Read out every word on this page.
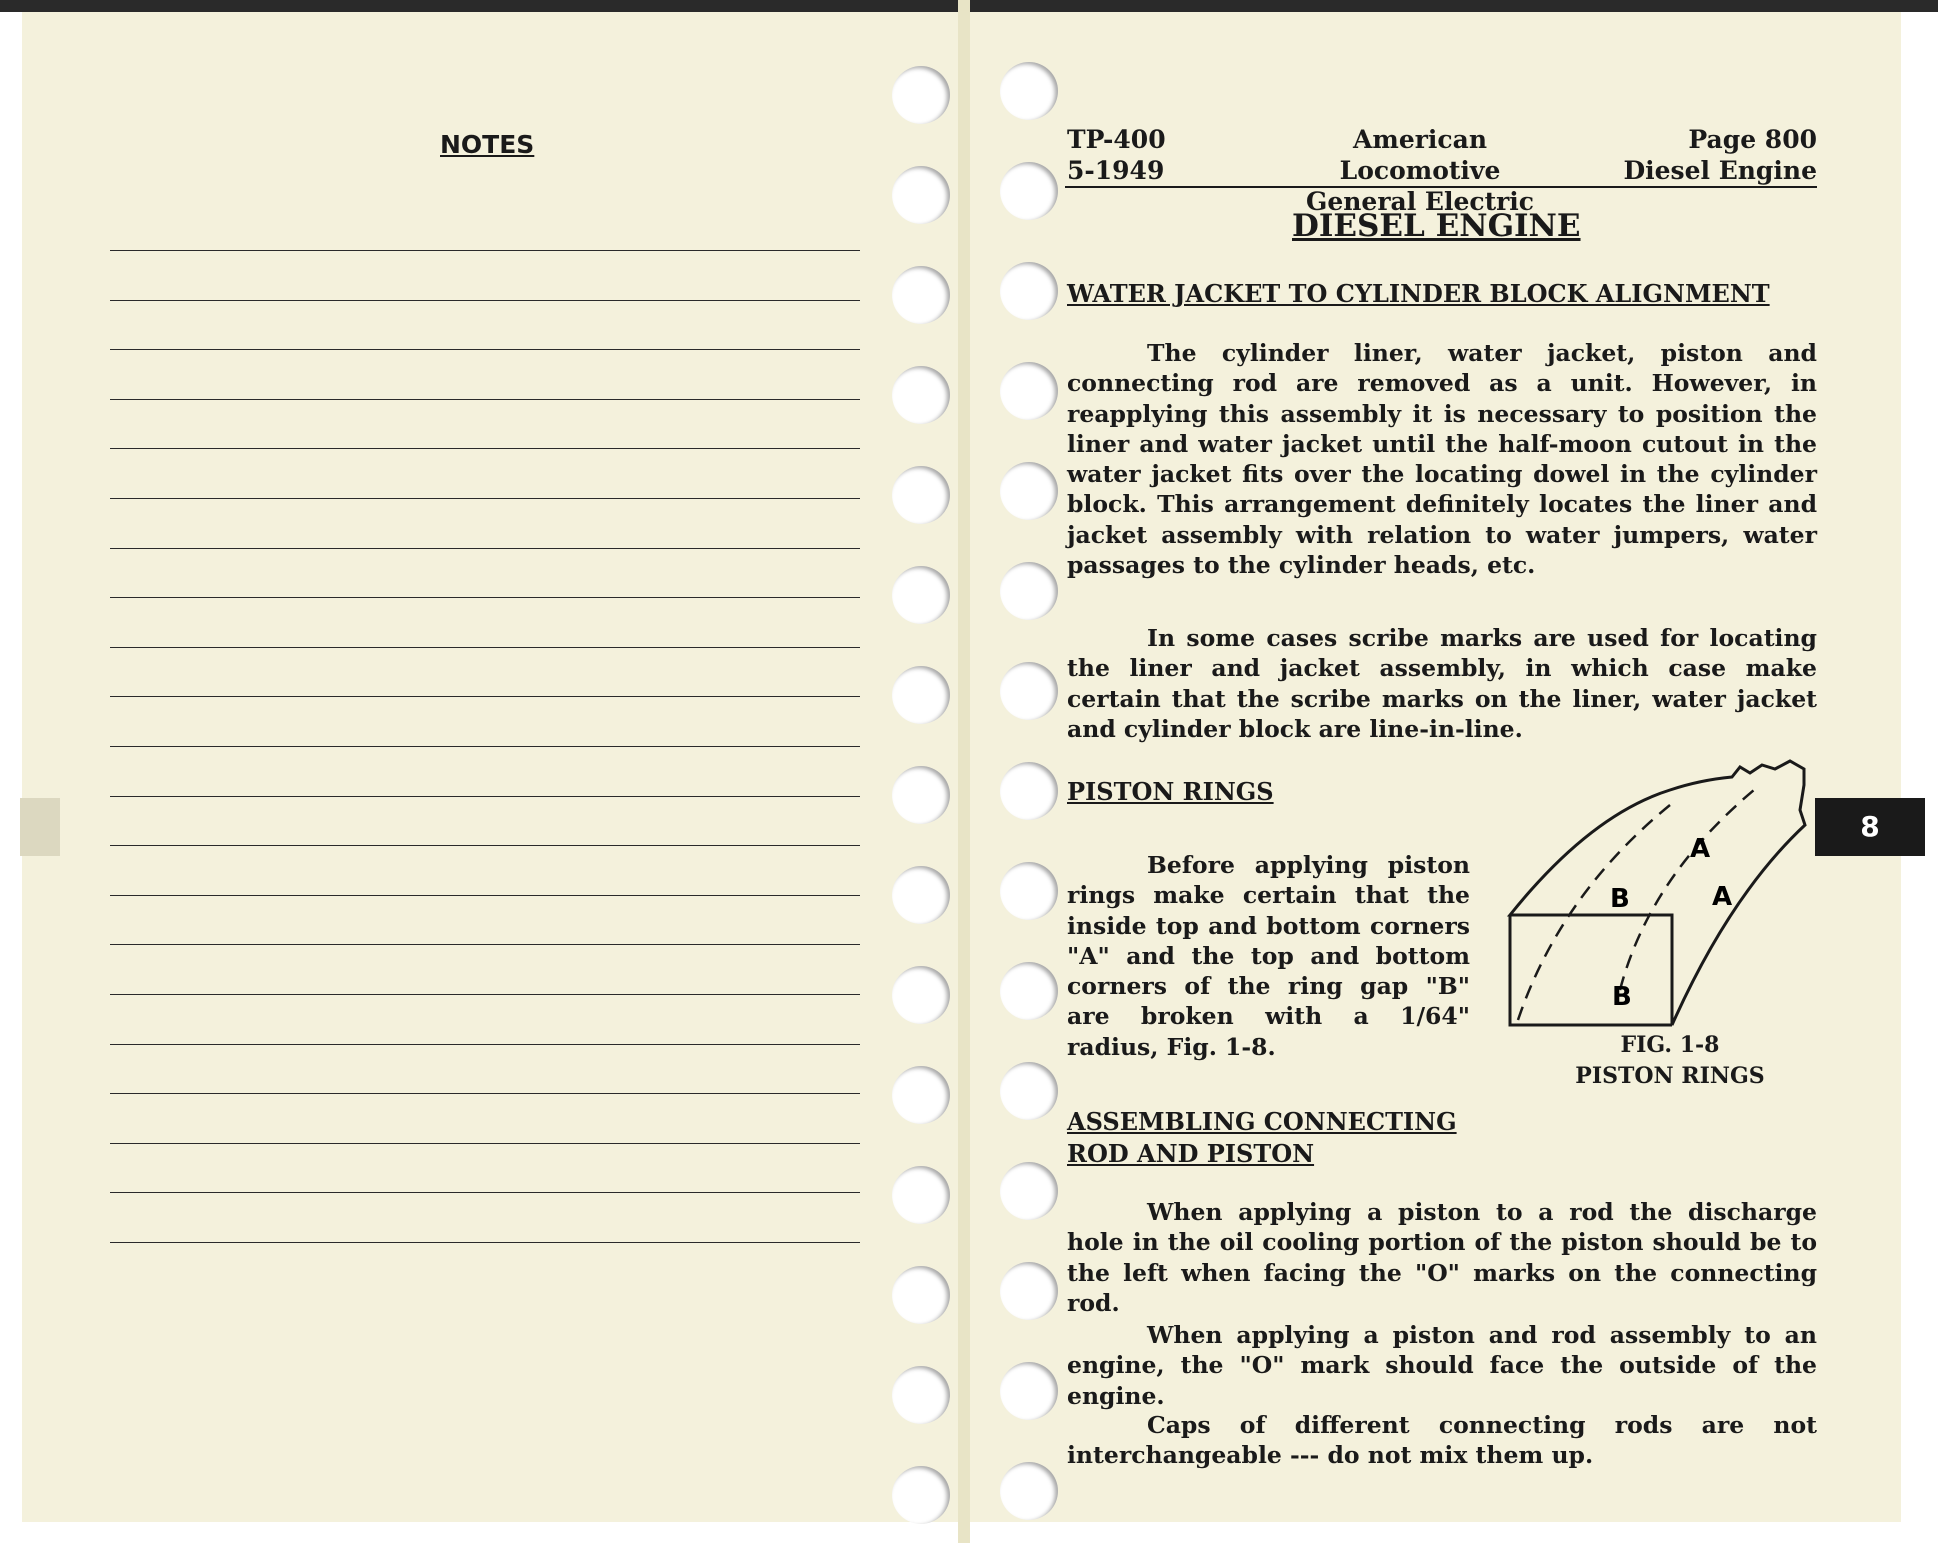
NOTES	TP-400
5-1949
American Locomotive
General Electric
Page 800
Diesel Engine
DIESEL ENGINE
WATER JACKET TO CYLINDER BLOCK ALIGNMENT
The cylinder liner, water jacket, piston and connecting rod are removed as a unit. However, in reapplying this assembly it is necessary to position the liner and water jacket until the half-moon cutout in the water jacket fits over the locating dowel in the cylinder block. This arrangement definitely locates the liner and jacket assembly with relation to water jumpers, water passages to the cylinder heads, etc.
In some cases scribe marks are used for locating the liner and jacket assembly, in which case make certain that the scribe marks on the liner, water jacket and cylinder block are line-in-line.
PISTON RINGS
Before applying piston rings make certain that the inside top and bottom corners "A" and the top and bottom corners of the ring gap "B" are broken with a 1/64" radius, Fig. 1-8.
A
A
B
B
FIG. 1-8
PISTON RINGS
ASSEMBLING CONNECTING
ROD AND PISTON
When applying a piston to a rod the discharge hole in the oil cooling portion of the piston should be to the left when facing the "O" marks on the connecting rod.
When applying a piston and rod assembly to an engine, the "O" mark should face the outside of the engine.
Caps of different connecting rods are not interchangeable --- do not mix them up.
8
